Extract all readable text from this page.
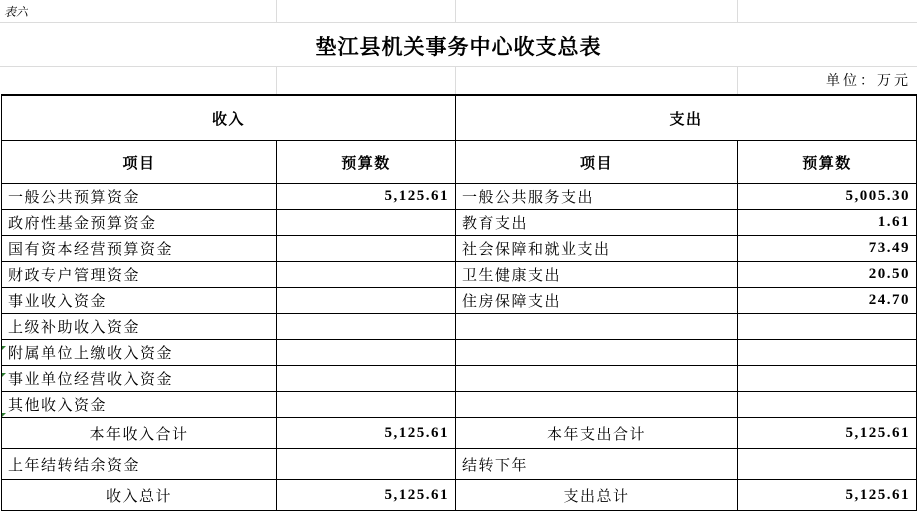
表六
垫江县机关事务中心收支总表
单位：万元
收入		支出	
项目	预算数	项目	预算数
一般公共预算资金	5,125.61	一般公共服务支出	5,005.30
政府性基金预算资金		教育支出	1.61
国有资本经营预算资金		社会保障和就业支出	73.49
财政专户管理资金		卫生健康支出	20.50
事业收入资金		住房保障支出	24.70
上级补助收入资金			
附属单位上缴收入资金			
事业单位经营收入资金			
其他收入资金			
本年收入合计	5,125.61	本年支出合计	5,125.61
上年结转结余资金		结转下年	
收入总计	5,125.61	支出总计	5,125.61
